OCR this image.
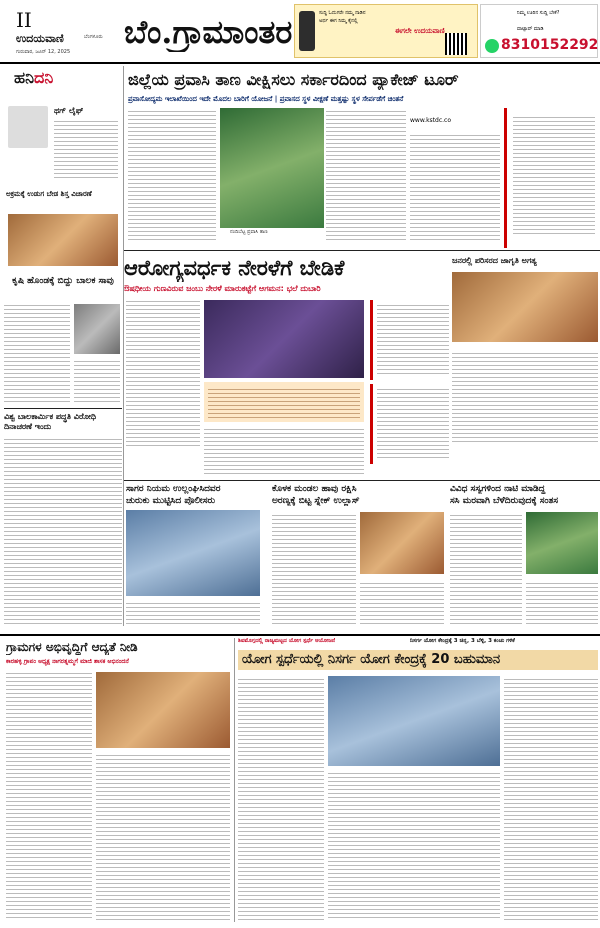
II
ಉದಯವಾಣಿ	ಬೆಂಗಳೂರು
ಗುರುವಾರ, ಜೂನ್ 12, 2025
ಬೆಂ.ಗ್ರಾಮಾಂತರ	ಸುದ್ದಿ ಓದುಗರೇ ನಮ್ಮ ನಾಡಿನ
ಅರ್ಥ ಈಗ ನಿಮ್ಮ ಕೈನಲ್ಲಿ
ಈಗಲೇ ಉದಯವಾಣಿ
ನಿಮ್ಮ ಊರಿನ ಸುದ್ದಿ ಬೇಕೆ?
ವಾಟ್ಸಾಪ್ ಮಾಡಿ
8310152292
ಹನಿದನಿ
ಥಗ್ ಲೈಫ್
ಅಕ್ರಮಕ್ಕೆ ಉಡುಗ ಬೇಡ ಶಿಸ್ತ ವಿಚಾರಣೆ
ಜಿಲ್ಲೆಯ ಪ್ರವಾಸಿ ತಾಣ ವೀಕ್ಷಿಸಲು ಸರ್ಕಾರದಿಂದ ಪ್ಯಾಕೇಜ್ ಟೂರ್
ಪ್ರವಾಸೋದ್ಯಮ ಇಲಾಖೆಯಿಂದ ಇದೇ ಮೊದಲ ಬಾರಿಗೆ ಯೋಜನೆ | ಪ್ರವಾಸದ ಸ್ಥಳ ವೀಕ್ಷಣೆ ಮತ್ತಷ್ಟು ಸ್ಥಳ ಸೇರ್ಪಡೆಗೆ ಚಿಂತನೆ
ನಂದಿಬೆಟ್ಟ ಪ್ರವಾಸಿ ತಾಣ
www.kstdc.co
ಆರೋಗ್ಯವರ್ಧಕ ನೇರಳೆಗೆ ಬೇಡಿಕೆ
ಔಷಧೀಯ ಗುಣವಿರುವ ಜಂಬು ನೇರಳೆ ಮಾರುಕಟ್ಟೆಗೆ ಆಗಮನ: ಭಲೆ ದುಬಾರಿ
ಜನರಲ್ಲಿ ಪರಿಸರದ ಜಾಗೃತಿ ಅಗತ್ಯ
ಕೃಷಿ ಹೊಂಡಕ್ಕೆ ಬಿದ್ದು ಬಾಲಕ ಸಾವು
ವಿಶ್ವ ಬಾಲಕಾರ್ಮಿಕ ಪದ್ಧತಿ ವಿರೋಧಿ ದಿನಾಚರಣೆ ಇಂದು
ಸಾಗರ ನಿಯಮ ಉಲ್ಲಂಘಿಸಿದವರ
ಚುರುಕು ಮುಟ್ಟಿಸಿದ ಪೊಲೀಸರು
ಕೊಳಕ ಮಂಡಲ ಹಾವು ರಕ್ಷಿಸಿ
ಅರಣ್ಯಕ್ಕೆ ಬಿಟ್ಟ ಸ್ನೇಕ್ ಉಲ್ಲಾಸ್
ವಿವಿಧ ಸಸ್ಯಗಳಿಂದ ನಾಟಿ ಮಾಡಿದ್ದ
ಸಸಿ ಮರವಾಗಿ ಬೆಳೆದಿರುವುದಕ್ಕೆ ಸಂತಸ
ಗ್ರಾಮಗಳ ಅಭಿವೃದ್ಧಿಗೆ ಆದ್ಯತೆ ನೀಡಿ
ಕಾರಹಳ್ಳಿ ಗ್ರಾಪಂ ಅಧ್ಯಕ್ಷ ನಾಗರತ್ನಮ್ಮಗೆ ಮಾಜಿ ಶಾಸಕ ಅಭಿನಂದನೆ
ಶಿವಮೊಗ್ಗದಲ್ಲಿ ರಾಜ್ಯಮಟ್ಟದ ಯೋಗ ಸ್ಪರ್ಧೆ ಆಯೋಜನೆ	ನಿಸರ್ಗ ಯೋಗ ಕೇಂದ್ರಕ್ಕೆ 3 ಚಿನ್ನ, 3 ಬೆಳ್ಳಿ, 3 ಕಂಚು ಗಳಿಕೆ
ಯೋಗ ಸ್ಪರ್ಧೆಯಲ್ಲಿ ನಿಸರ್ಗ ಯೋಗ ಕೇಂದ್ರಕ್ಕೆ 20 ಬಹುಮಾನ
